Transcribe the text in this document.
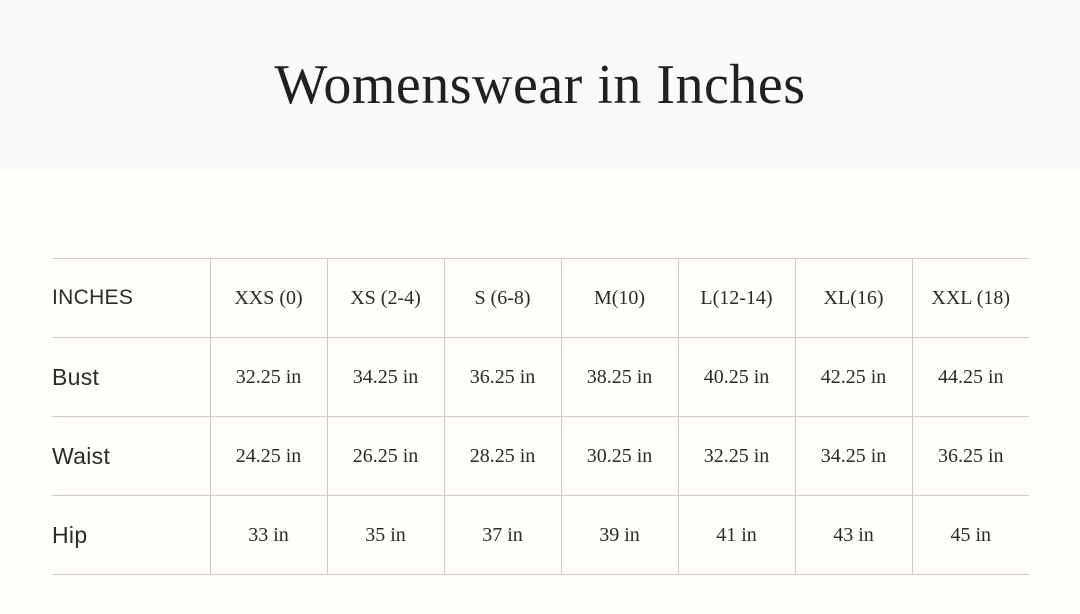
Womenswear in Inches
INCHES	XXS (0)	XS (2-4)	S (6-8)	M(10)	L(12-14)	XL(16)	XXL (18)
Bust	32.25 in	34.25 in	36.25 in	38.25 in	40.25 in	42.25 in	44.25 in
Waist	24.25 in	26.25 in	28.25 in	30.25 in	32.25 in	34.25 in	36.25 in
Hip	33 in	35 in	37 in	39 in	41 in	43 in	45 in
